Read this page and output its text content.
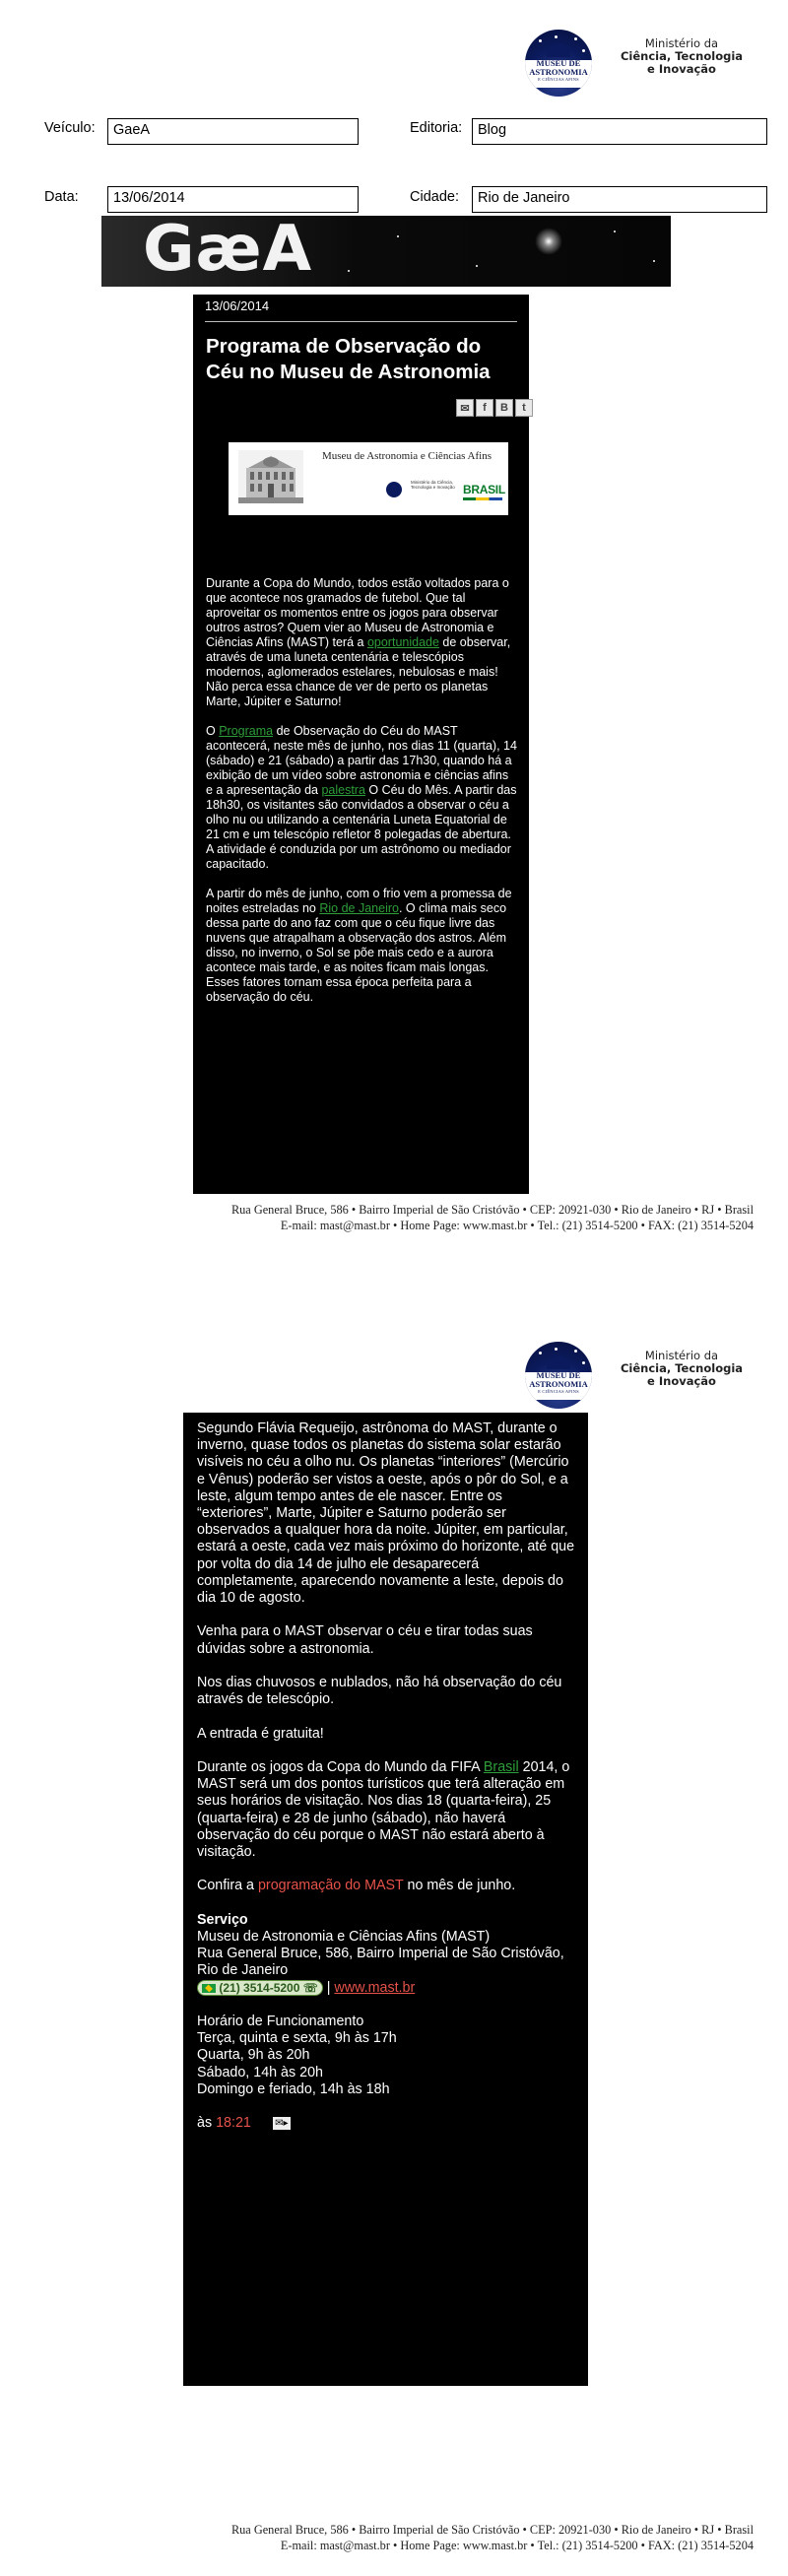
MUSEU DE
ASTRONOMIA
E CIÊNCIAS AFINS
Ministério da
Ciência, Tecnologia
e Inovação
Veículo:	GaeA	Editoria:	Blog
Data:	13/06/2014	Cidade:	Rio de Janeiro
GæA
13/06/2014
Programa de Observação do Céu no Museu de Astronomia
✉	f	B	t
Museu de Astronomia e Ciências Afins
Ministério da Ciência, Tecnologia e Inovação BRASIL

Durante a Copa do Mundo, todos estão voltados para o que acontece nos gramados de futebol. Que tal aproveitar os momentos entre os jogos para observar outros astros? Quem vier ao Museu de Astronomia e Ciências Afins (MAST) terá a oportunidade de observar, através de uma luneta centenária e telescópios modernos, aglomerados estelares, nebulosas e mais! Não perca essa chance de ver de perto os planetas Marte, Júpiter e Saturno!

O Programa de Observação do Céu do MAST acontecerá, neste mês de junho, nos dias 11 (quarta), 14 (sábado) e 21 (sábado) a partir das 17h30, quando há a exibição de um vídeo sobre astronomia e ciências afins e a apresentação da palestra O Céu do Mês. A partir das 18h30, os visitantes são convidados a observar o céu a olho nu ou utilizando a centenária Luneta Equatorial de 21 cm e um telescópio refletor 8 polegadas de abertura. A atividade é conduzida por um astrônomo ou mediador capacitado.

A partir do mês de junho, com o frio vem a promessa de noites estreladas no Rio de Janeiro. O clima mais seco dessa parte do ano faz com que o céu fique livre das nuvens que atrapalham a observação dos astros. Além disso, no inverno, o Sol se põe mais cedo e a aurora acontece mais tarde, e as noites ficam mais longas. Esses fatores tornam essa época perfeita para a observação do céu.

Rua General Bruce, 586 • Bairro Imperial de São Cristóvão • CEP: 20921-030 • Rio de Janeiro • RJ • Brasil
E-mail: mast@mast.br • Home Page: www.mast.br • Tel.: (21) 3514-5200 • FAX: (21) 3514-5204
MUSEU DE
ASTRONOMIA
E CIÊNCIAS AFINS
Ministério da
Ciência, Tecnologia
e Inovação

Segundo Flávia Requeijo, astrônoma do MAST, durante o inverno, quase todos os planetas do sistema solar estarão visíveis no céu a olho nu. Os planetas “interiores” (Mercúrio e Vênus) poderão ser vistos a oeste, após o pôr do Sol, e a leste, algum tempo antes de ele nascer. Entre os “exteriores”, Marte, Júpiter e Saturno poderão ser observados a qualquer hora da noite. Júpiter, em particular, estará a oeste, cada vez mais próximo do horizonte, até que por volta do dia 14 de julho ele desaparecerá completamente, aparecendo novamente a leste, depois do dia 10 de agosto.

Venha para o MAST observar o céu e tirar todas suas dúvidas sobre a astronomia.

Nos dias chuvosos e nublados, não há observação do céu através de telescópio.

A entrada é gratuita!

Durante os jogos da Copa do Mundo da FIFA Brasil 2014, o MAST será um dos pontos turísticos que terá alteração em seus horários de visitação. Nos dias 18 (quarta-feira), 25 (quarta-feira) e 28 de junho (sábado), não haverá observação do céu porque o MAST não estará aberto à visitação.

Confira a programação do MAST no mês de junho.

Serviço
Museu de Astronomia e Ciências Afins (MAST)
Rua General Bruce, 586, Bairro Imperial de São Cristóvão, Rio de Janeiro
(21) 3514-5200 ☏ | www.mast.br

Horário de Funcionamento
Terça, quinta e sexta, 9h às 17h
Quarta, 9h às 20h
Sábado, 14h às 20h
Domingo e feriado, 14h às 18h

às 18:21 ✉▸

Rua General Bruce, 586 • Bairro Imperial de São Cristóvão • CEP: 20921-030 • Rio de Janeiro • RJ • Brasil
E-mail: mast@mast.br • Home Page: www.mast.br • Tel.: (21) 3514-5200 • FAX: (21) 3514-5204
